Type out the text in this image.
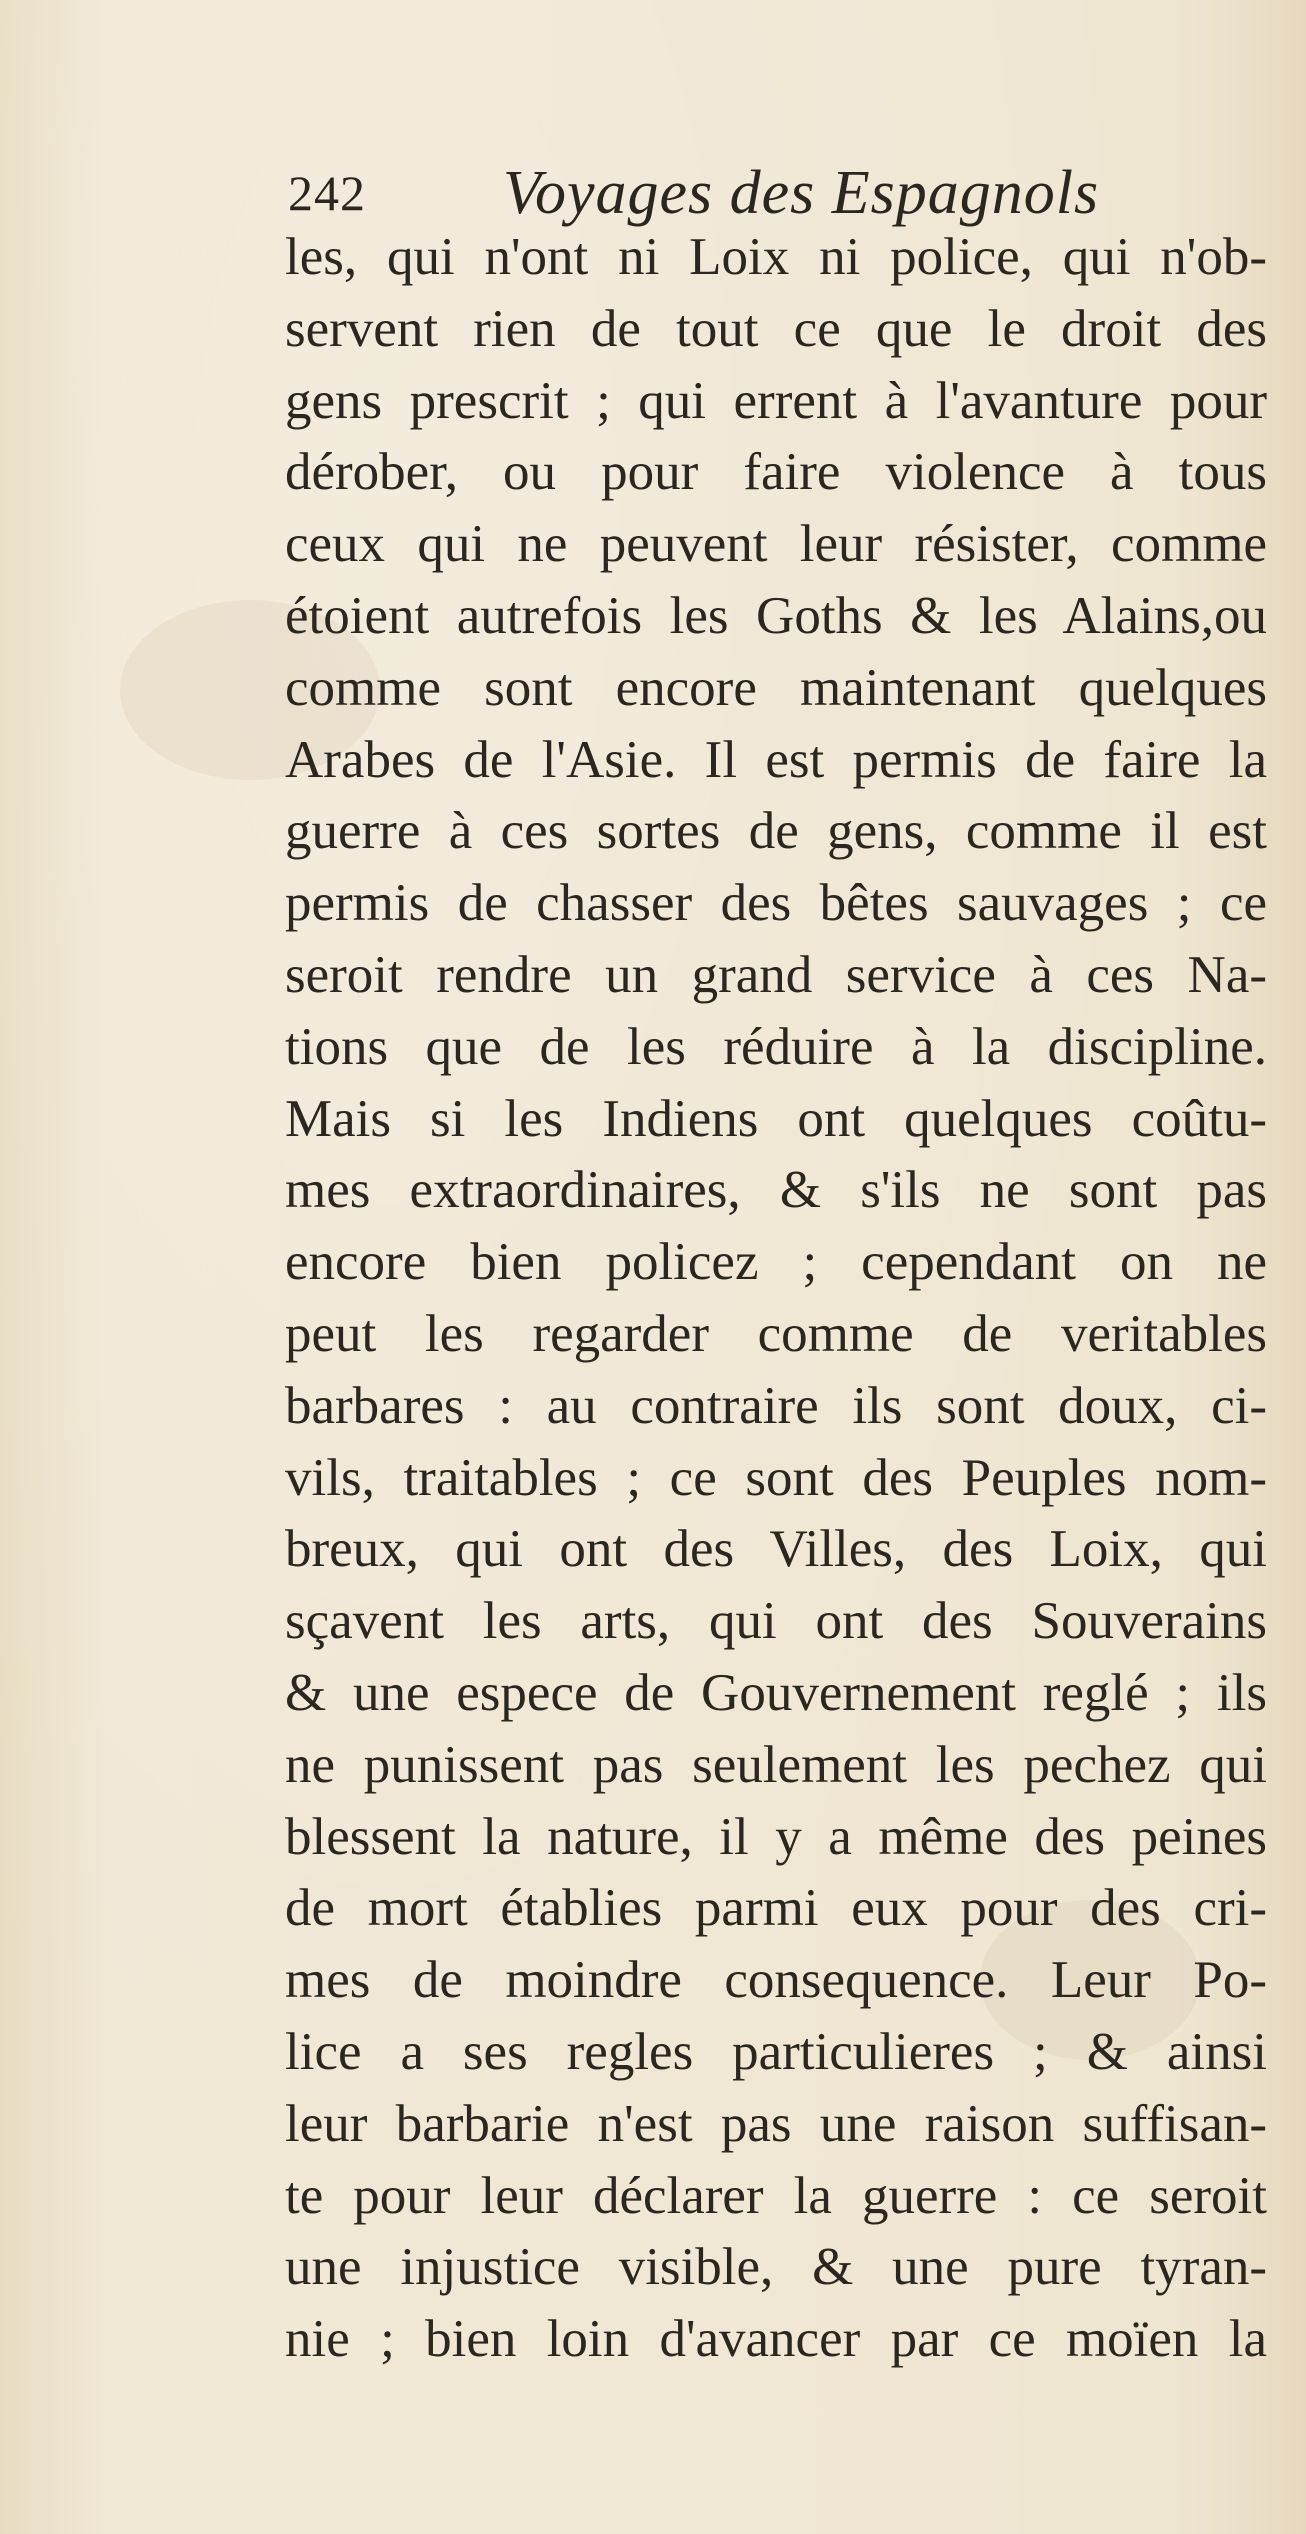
242 Voyages des Espagnols
les, qui n'ont ni Loix ni police, qui n'ob-
servent rien de tout ce que le droit des
gens prescrit ; qui errent à l'avanture pour
dérober, ou pour faire violence à tous
ceux qui ne peuvent leur résister, comme
étoient autrefois les Goths & les Alains,ou
comme sont encore maintenant quelques
Arabes de l'Asie. Il est permis de faire la
guerre à ces sortes de gens, comme il est
permis de chasser des bêtes sauvages ; ce
seroit rendre un grand service à ces Na-
tions que de les réduire à la discipline.
Mais si les Indiens ont quelques coûtu-
mes extraordinaires, & s'ils ne sont pas
encore bien policez ; cependant on ne
peut les regarder comme de veritables
barbares : au contraire ils sont doux, ci-
vils, traitables ; ce sont des Peuples nom-
breux, qui ont des Villes, des Loix, qui
sçavent les arts, qui ont des Souverains
& une espece de Gouvernement reglé ; ils
ne punissent pas seulement les pechez qui
blessent la nature, il y a même des peines
de mort établies parmi eux pour des cri-
mes de moindre consequence. Leur Po-
lice a ses regles particulieres ; & ainsi
leur barbarie n'est pas une raison suffisan-
te pour leur déclarer la guerre : ce seroit
une injustice visible, & une pure tyran-
nie ; bien loin d'avancer par ce moïen la
